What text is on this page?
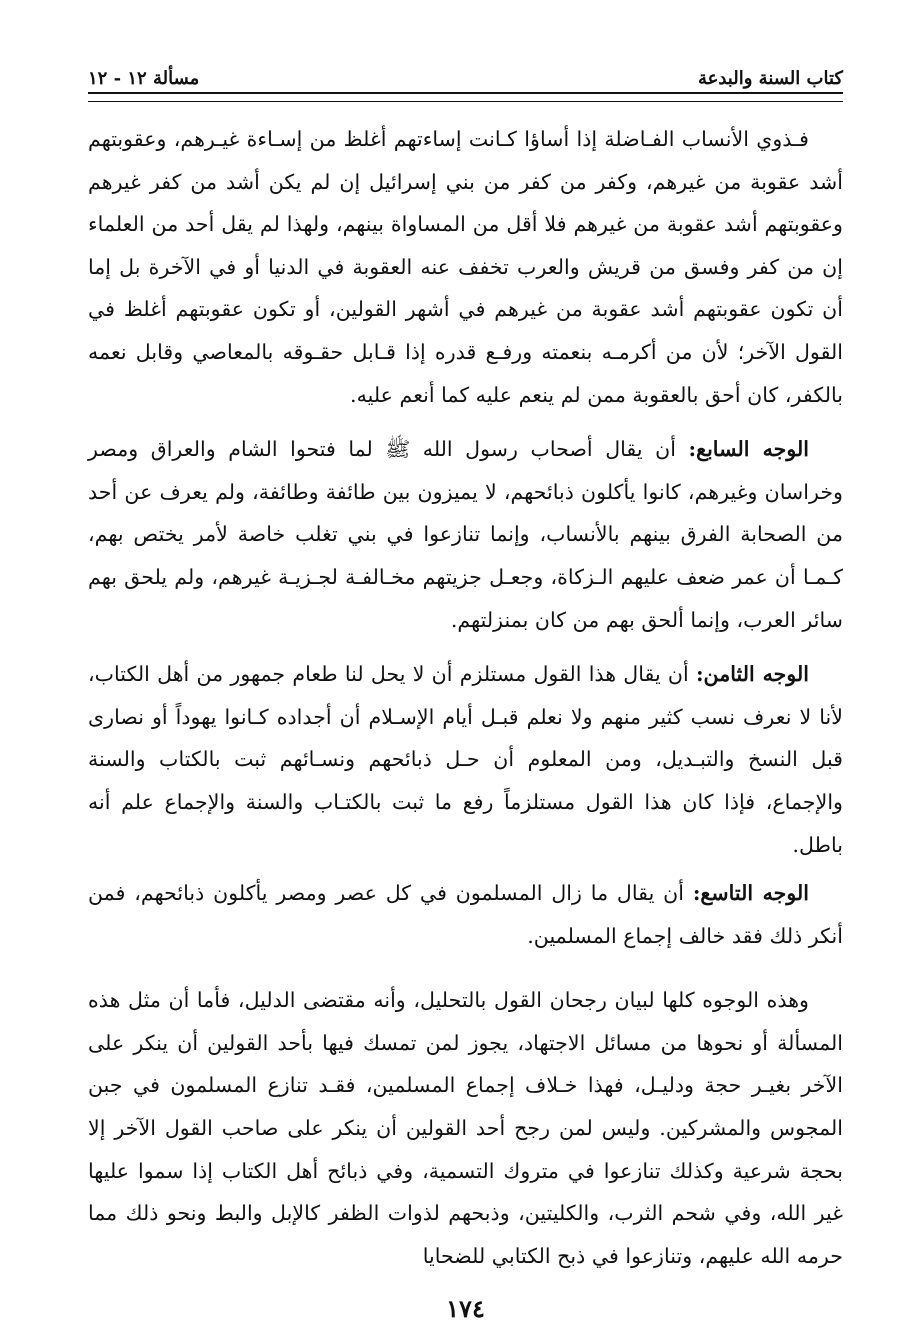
كتاب السنة والبدعة
مسألة ١٢ - ١٢

فـذوي الأنساب الفـاضلة إذا أساؤا كـانت إساءتهم أغلظ من إسـاءة غيـرهم، وعقوبتهم أشد عقوبة من غيرهم، وكفر من كفر من بني إسرائيل إن لم يكن أشد من كفر غيرهم وعقوبتهم أشد عقوبة من غيرهم فلا أقل من المساواة بينهم، ولهذا لم يقل أحد من العلماء إن من كفر وفسق من قريش والعرب تخفف عنه العقوبة في الدنيا أو في الآخرة بل إما أن تكون عقوبتهم أشد عقوبة من غيرهم في أشهر القولين، أو تكون عقوبتهم أغلظ في القول الآخر؛ لأن من أكرمـه بنعمته ورفـع قدره إذا قـابل حقـوقه بالمعاصي وقابل نعمه بالكفر، كان أحق بالعقوبة ممن لم ينعم عليه كما أنعم عليه.

الوجه السابع: أن يقال أصحاب رسول الله ﷺ لما فتحوا الشام والعراق ومصر وخراسان وغيرهم، كانوا يأكلون ذبائحهم، لا يميزون بين طائفة وطائفة، ولم يعرف عن أحد من الصحابة الفرق بينهم بالأنساب، وإنما تنازعوا في بني تغلب خاصة لأمر يختص بهم، كـمـا أن عمر ضعف عليهم الـزكاة، وجعـل جزيتهم مخـالفـة لجـزيـة غيرهم، ولم يلحق بهم سائر العرب، وإنما ألحق بهم من كان بمنزلتهم.

الوجه الثامن: أن يقال هذا القول مستلزم أن لا يحل لنا طعام جمهور من أهل الكتاب، لأنا لا نعرف نسب كثير منهم ولا نعلم قبـل أيام الإسـلام أن أجداده كـانوا يهوداً أو نصارى قبل النسخ والتبـديل، ومن المعلوم أن حـل ذبائحهم ونسـائهم ثبت بالكتاب والسنة والإجماع، فإذا كان هذا القول مستلزماً رفع ما ثبت بالكتـاب والسنة والإجماع علم أنه باطل.

الوجه التاسع: أن يقال ما زال المسلمون في كل عصر ومصر يأكلون ذبائحهم، فمن أنكر ذلك فقد خالف إجماع المسلمين.

وهذه الوجوه كلها لبيان رجحان القول بالتحليل، وأنه مقتضى الدليل، فأما أن مثل هذه المسألة أو نحوها من مسائل الاجتهاد، يجوز لمن تمسك فيها بأحد القولين أن ينكر على الآخر بغيـر حجة ودليـل، فهذا خـلاف إجماع المسلمين، فقـد تنازع المسلمون في جبن المجوس والمشركين. وليس لمن رجح أحد القولين أن ينكر على صاحب القول الآخر إلا بحجة شرعية وكذلك تنازعوا في متروك التسمية، وفي ذبائح أهل الكتاب إذا سموا عليها غير الله، وفي شحم الثرب، والكليتين، وذبحهم لذوات الظفر كالإبل والبط ونحو ذلك مما حرمه الله عليهم، وتنازعوا في ذبح الكتابي للضحايا

١٧٤
